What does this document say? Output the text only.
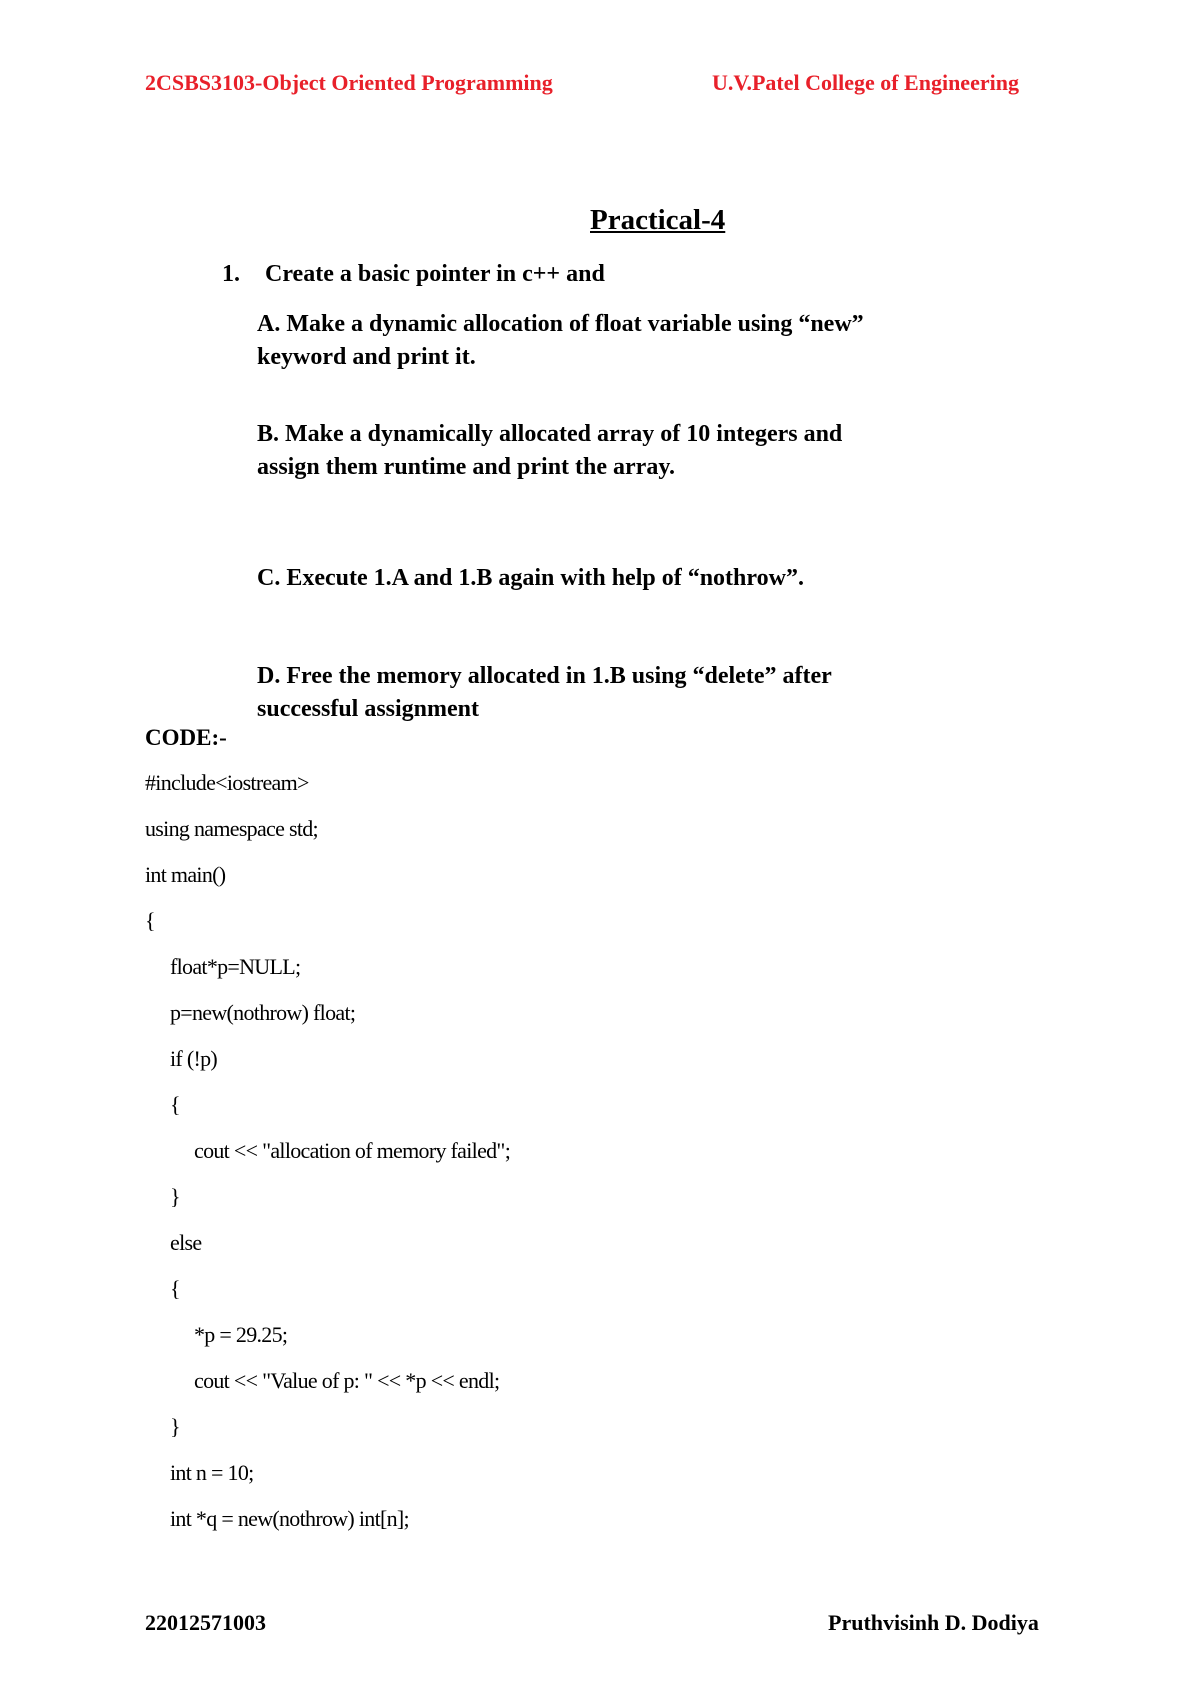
2CSBS3103-Object Oriented Programming	U.V.Patel College of Engineering
Practical-4
1. Create a basic pointer in c++ and
A. Make a dynamic allocation of float variable using “new” keyword and print it.
B. Make a dynamically allocated array of 10 integers and assign them runtime and print the array.
C. Execute 1.A and 1.B again with help of “nothrow”.
D. Free the memory allocated in 1.B using “delete” after successful assignment
CODE:-
#include<iostream>
using namespace std;
int main()
{
float*p=NULL;
p=new(nothrow) float;
if (!p)
{
cout << "allocation of memory failed";
}
else
{
*p = 29.25;
cout << "Value of p: " << *p << endl;
}
int n = 10;
int *q = new(nothrow) int[n];
22012571003	Pruthvisinh D. Dodiya
